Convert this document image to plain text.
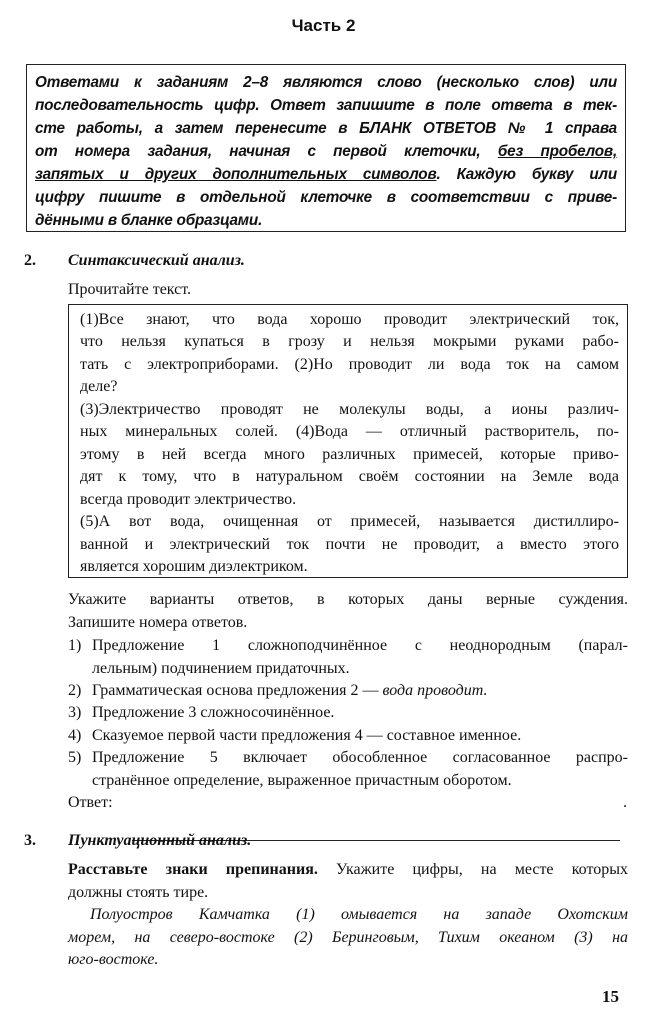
Часть 2
Ответами к заданиям 2–8 являются слово (несколько слов) или
последовательность цифр. Ответ запишите в поле ответа в тек-
сте работы, а затем перенесите в БЛАНК ОТВЕТОВ № 1 справа
от номера задания, начиная с первой клеточки, без пробелов,
запятых и других дополнительных символов. Каждую букву или
цифру пишите в отдельной клеточке в соответствии с приве-
дёнными в бланке образцами.
2. Синтаксический анализ.
Прочитайте текст.
(1)Все знают, что вода хорошо проводит электрический ток,
что нельзя купаться в грозу и нельзя мокрыми руками рабо-
тать с электроприборами. (2)Но проводит ли вода ток на самом
деле?
(3)Электричество проводят не молекулы воды, а ионы различ-
ных минеральных солей. (4)Вода — отличный растворитель, по-
этому в ней всегда много различных примесей, которые приво-
дят к тому, что в натуральном своём состоянии на Земле вода
всегда проводит электричество.
(5)А вот вода, очищенная от примесей, называется дистиллиро-
ванной и электрический ток почти не проводит, а вместо этого
является хорошим диэлектриком.
Укажите варианты ответов, в которых даны верные суждения.
Запишите номера ответов.
1) Предложение 1 сложноподчинённое с неоднородным (парал-
лельным) подчинением придаточных.
2) Грамматическая основа предложения 2 — вода проводит.
3) Предложение 3 сложносочинённое.
4) Сказуемое первой части предложения 4 — составное именное.
5) Предложение 5 включает обособленное согласованное распро-
странённое определение, выраженное причастным оборотом.
Ответ:	.
3. Пунктуационный анализ.
Расставьте знаки препинания. Укажите цифры, на месте которых
должны стоять тире.
Полуостров Камчатка (1) омывается на западе Охотским
морем, на северо-востоке (2) Беринговым, Тихим океаном (3) на
юго-востоке.
15
